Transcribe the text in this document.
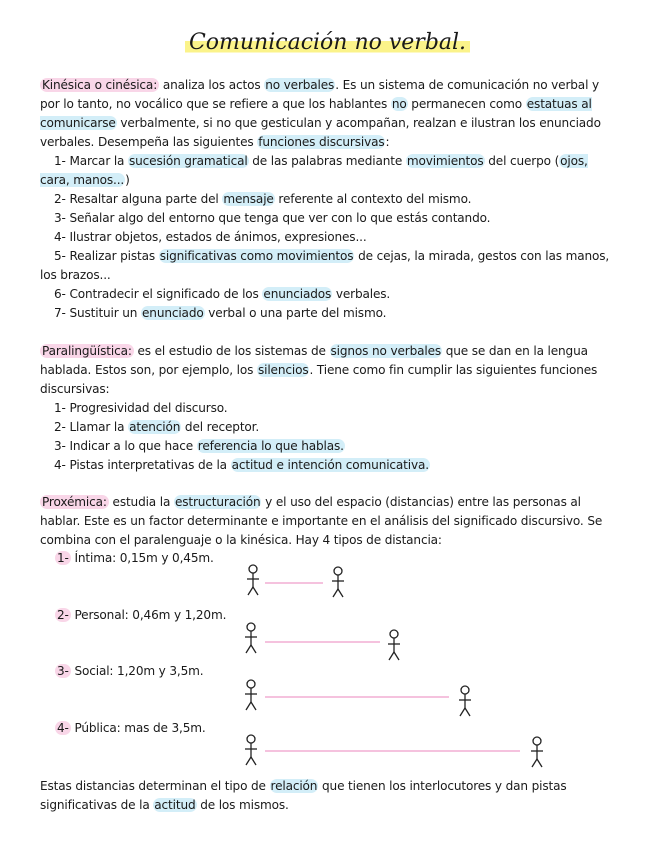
Comunicación no verbal.
Kinésica o cinésica: analiza los actos no verbales. Es un sistema de comunicación no verbal y por lo tanto, no vocálico que se refiere a que los hablantes no permanecen como estatuas al comunicarse verbalmente, si no que gesticulan y acompañan, realzan e ilustran los enunciado verbales. Desempeña las siguientes funciones discursivas:
1- Marcar la sucesión gramatical de las palabras mediante movimientos del cuerpo (ojos, cara, manos...)
2- Resaltar alguna parte del mensaje referente al contexto del mismo.
3- Señalar algo del entorno que tenga que ver con lo que estás contando.
4- Ilustrar objetos, estados de ánimos, expresiones...
5- Realizar pistas significativas como movimientos de cejas, la mirada, gestos con las manos, los brazos...
6- Contradecir el significado de los enunciados verbales.
7- Sustituir un enunciado verbal o una parte del mismo.
Paralingüística: es el estudio de los sistemas de signos no verbales que se dan en la lengua hablada. Estos son, por ejemplo, los silencios. Tiene como fin cumplir las siguientes funciones discursivas:
1- Progresividad del discurso.
2- Llamar la atención del receptor.
3- Indicar a lo que hace referencia lo que hablas.
4- Pistas interpretativas de la actitud e intención comunicativa.
Proxémica: estudia la estructuración y el uso del espacio (distancias) entre las personas al hablar. Este es un factor determinante e importante en el análisis del significado discursivo. Se combina con el paralenguaje o la kinésica. Hay 4 tipos de distancia:
1- Íntima: 0,15m y 0,45m.
2- Personal: 0,46m y 1,20m.
3- Social: 1,20m y 3,5m.
4- Pública: mas de 3,5m.
Estas distancias determinan el tipo de relación que tienen los interlocutores y dan pistas significativas de la actitud de los mismos.
